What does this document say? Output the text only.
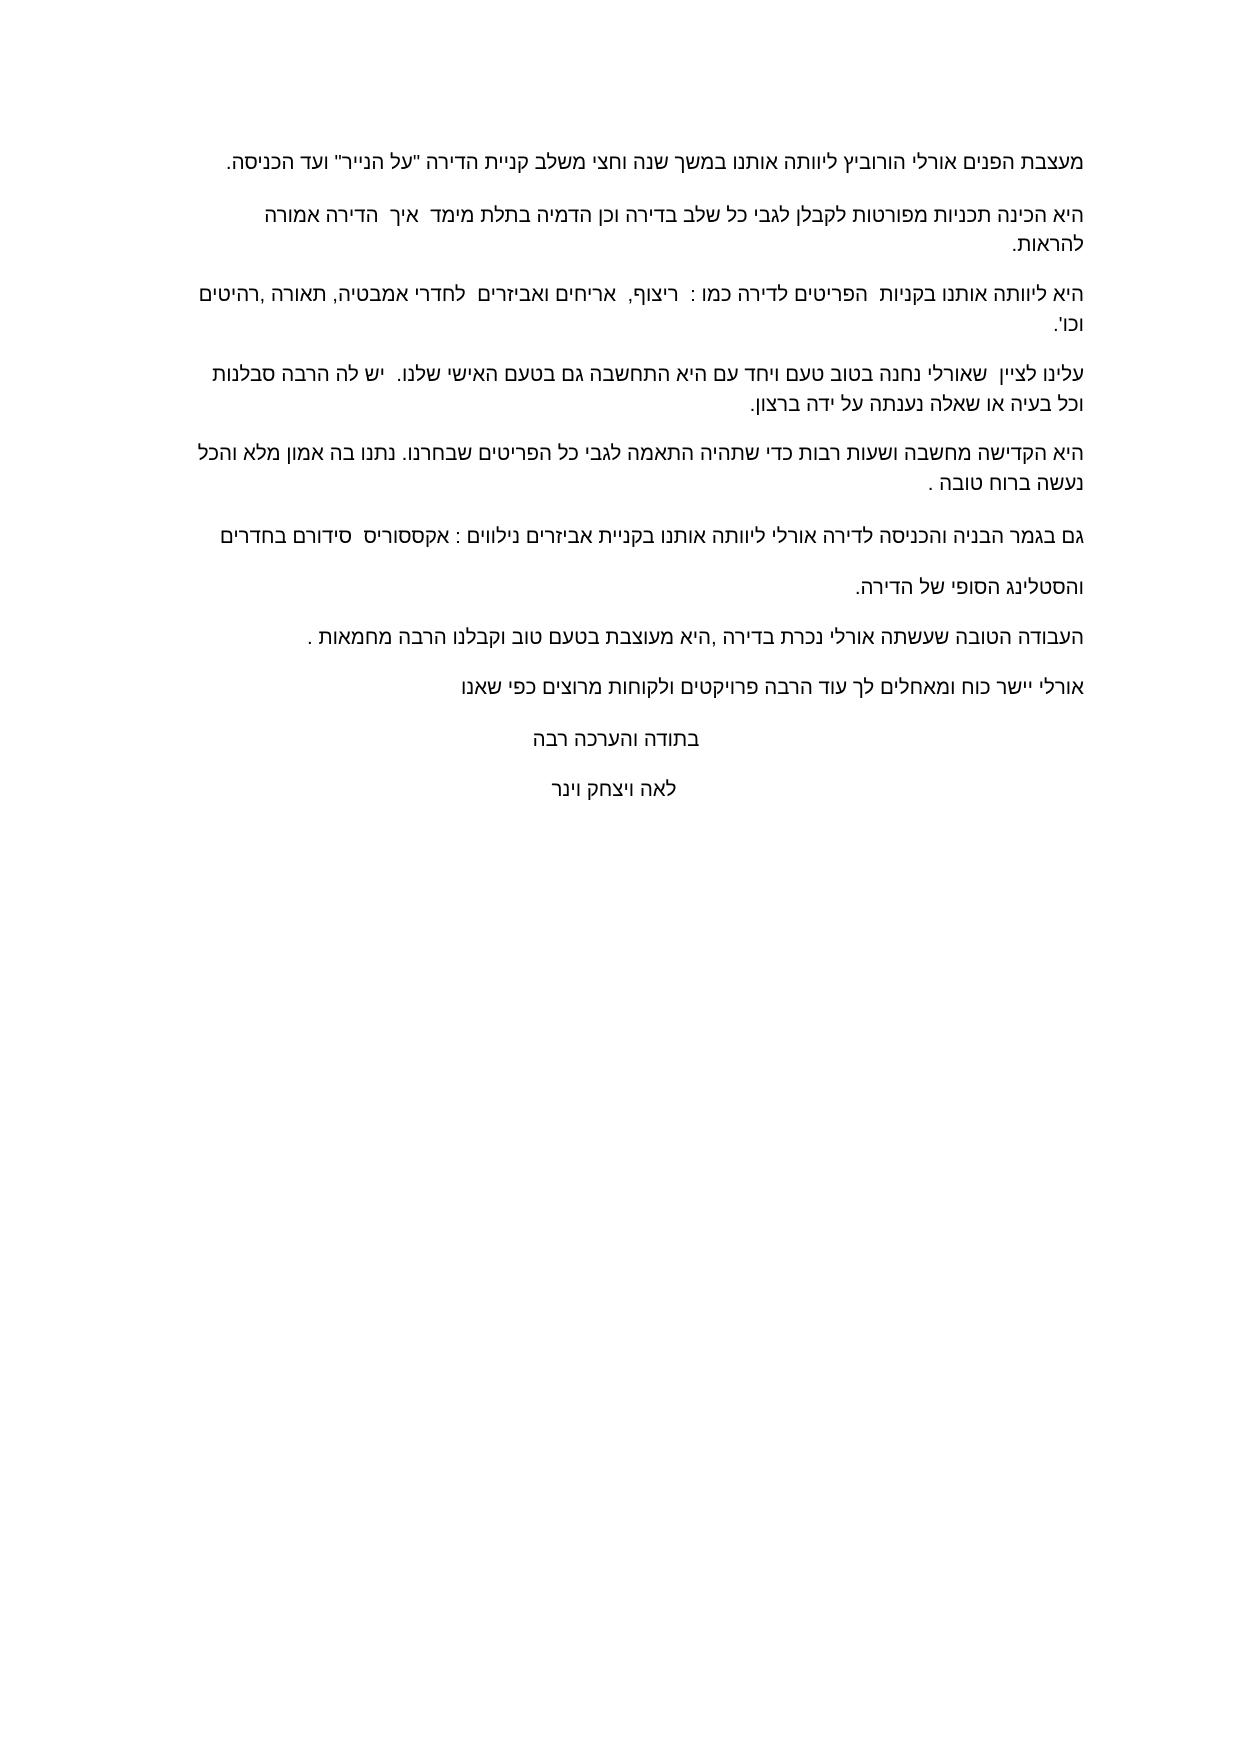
מעצבת הפנים אורלי הורוביץ ליוותה אותנו במשך שנה וחצי משלב קניית הדירה "על הנייר" ועד הכניסה.

היא הכינה תכניות מפורטות לקבלן לגבי כל שלב בדירה וכן הדמיה בתלת מימד  איך  הדירה אמורה

להראות.

היא ליוותה אותנו בקניות  הפריטים לדירה כמו :  ריצוף,  אריחים ואביזרים  לחדרי אמבטיה, תאורה ,רהיטים

וכו'.

עלינו לציין  שאורלי נחנה בטוב טעם ויחד עם היא התחשבה גם בטעם האישי שלנו.  יש לה הרבה סבלנות

וכל בעיה או שאלה נענתה על ידה ברצון.

היא הקדישה מחשבה ושעות רבות כדי שתהיה התאמה לגבי כל הפריטים שבחרנו. נתנו בה אמון מלא והכל

נעשה ברוח טובה .

גם בגמר הבניה והכניסה לדירה אורלי ליוותה אותנו בקניית אביזרים נילווים : אקססוריס  סידורם בחדרים

והסטלינג הסופי של הדירה.

העבודה הטובה שעשתה אורלי נכרת בדירה ,היא מעוצבת בטעם טוב וקבלנו הרבה מחמאות .

אורלי יישר כוח ומאחלים לך עוד הרבה פרויקטים ולקוחות מרוצים כפי שאנו

בתודה והערכה רבה

לאה ויצחק וינר
